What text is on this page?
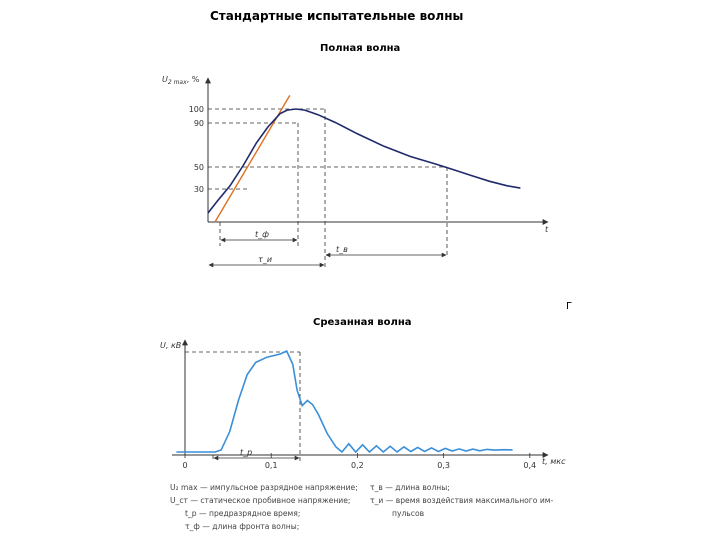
Стандартные испытательные волны
Г
Полная волна
$U_{2 max}$, %
t
100
90
50
30
t_ф
t_в
τ_и
Срезанная волна
U, кВ
t, мкс
0	0,1	0,2	0,3	0,4
t_р
U₂ max — импульсное разрядное напряжение;
U_ст — статическое пробивное напряжение;
t_р — предразрядное время;
τ_ф — длина фронта волны;
τ_в — длина волны;
τ_и — время воздействия максимального им-
пульсов
